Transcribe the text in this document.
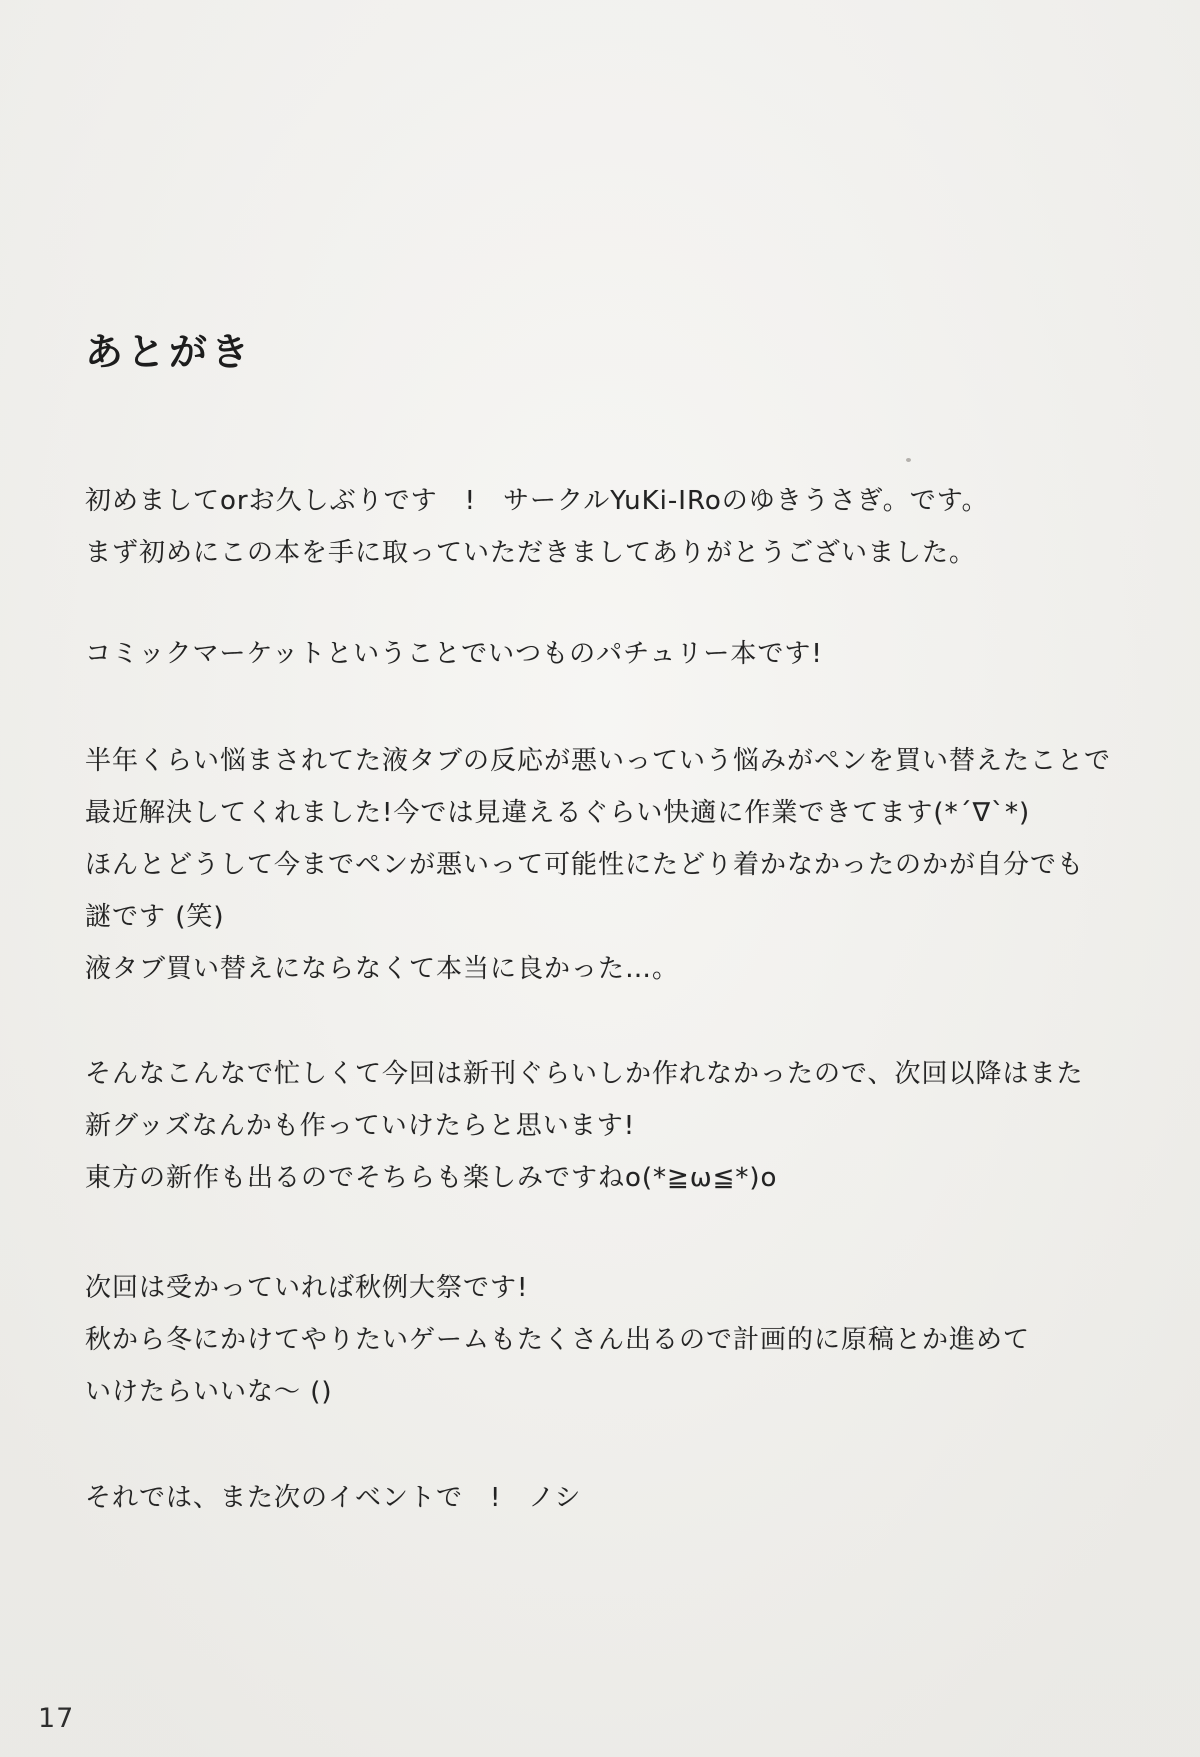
あとがき
初めましてorお久しぶりです　!　サークルYuKi-IRoのゆきうさぎ。です。
まず初めにこの本を手に取っていただきましてありがとうございました。
コミックマーケットということでいつものパチュリー本です!
半年くらい悩まされてた液タブの反応が悪いっていう悩みがペンを買い替えたことで
最近解決してくれました!今では見違えるぐらい快適に作業できてます(*´∇`*)
ほんとどうして今までペンが悪いって可能性にたどり着かなかったのかが自分でも
謎です (笑)
液タブ買い替えにならなくて本当に良かった…。
そんなこんなで忙しくて今回は新刊ぐらいしか作れなかったので、次回以降はまた
新グッズなんかも作っていけたらと思います!
東方の新作も出るのでそちらも楽しみですねo(*≧ω≦*)o
次回は受かっていれば秋例大祭です!
秋から冬にかけてやりたいゲームもたくさん出るので計画的に原稿とか進めて
いけたらいいな～ ()
それでは、また次のイベントで　!　ノシ
17
